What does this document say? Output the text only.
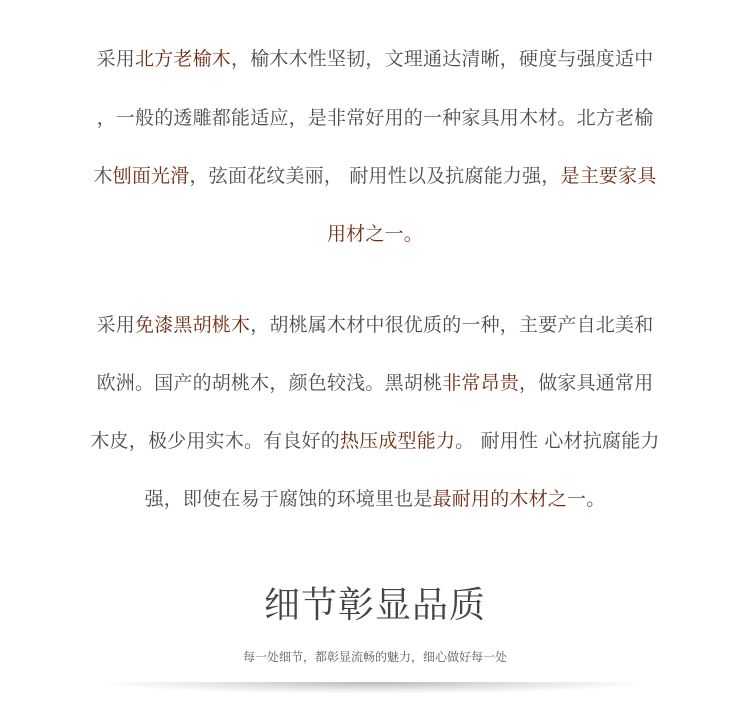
采用北方老榆木，榆木木性坚韧，文理通达清晰，硬度与强度适中
，一般的透雕都能适应，是非常好用的一种家具用木材。北方老榆
木刨面光滑，弦面花纹美丽， 耐用性以及抗腐能力强，是主要家具
用材之一。
采用免漆黑胡桃木，胡桃属木材中很优质的一种，主要产自北美和
欧洲。国产的胡桃木，颜色较浅。黑胡桃非常昂贵，做家具通常用
木皮，极少用实木。有良好的热压成型能力。 耐用性 心材抗腐能力
强，即使在易于腐蚀的环境里也是最耐用的木材之一。
细节彰显品质
每一处细节，都彰显流畅的魅力，细心做好每一处
